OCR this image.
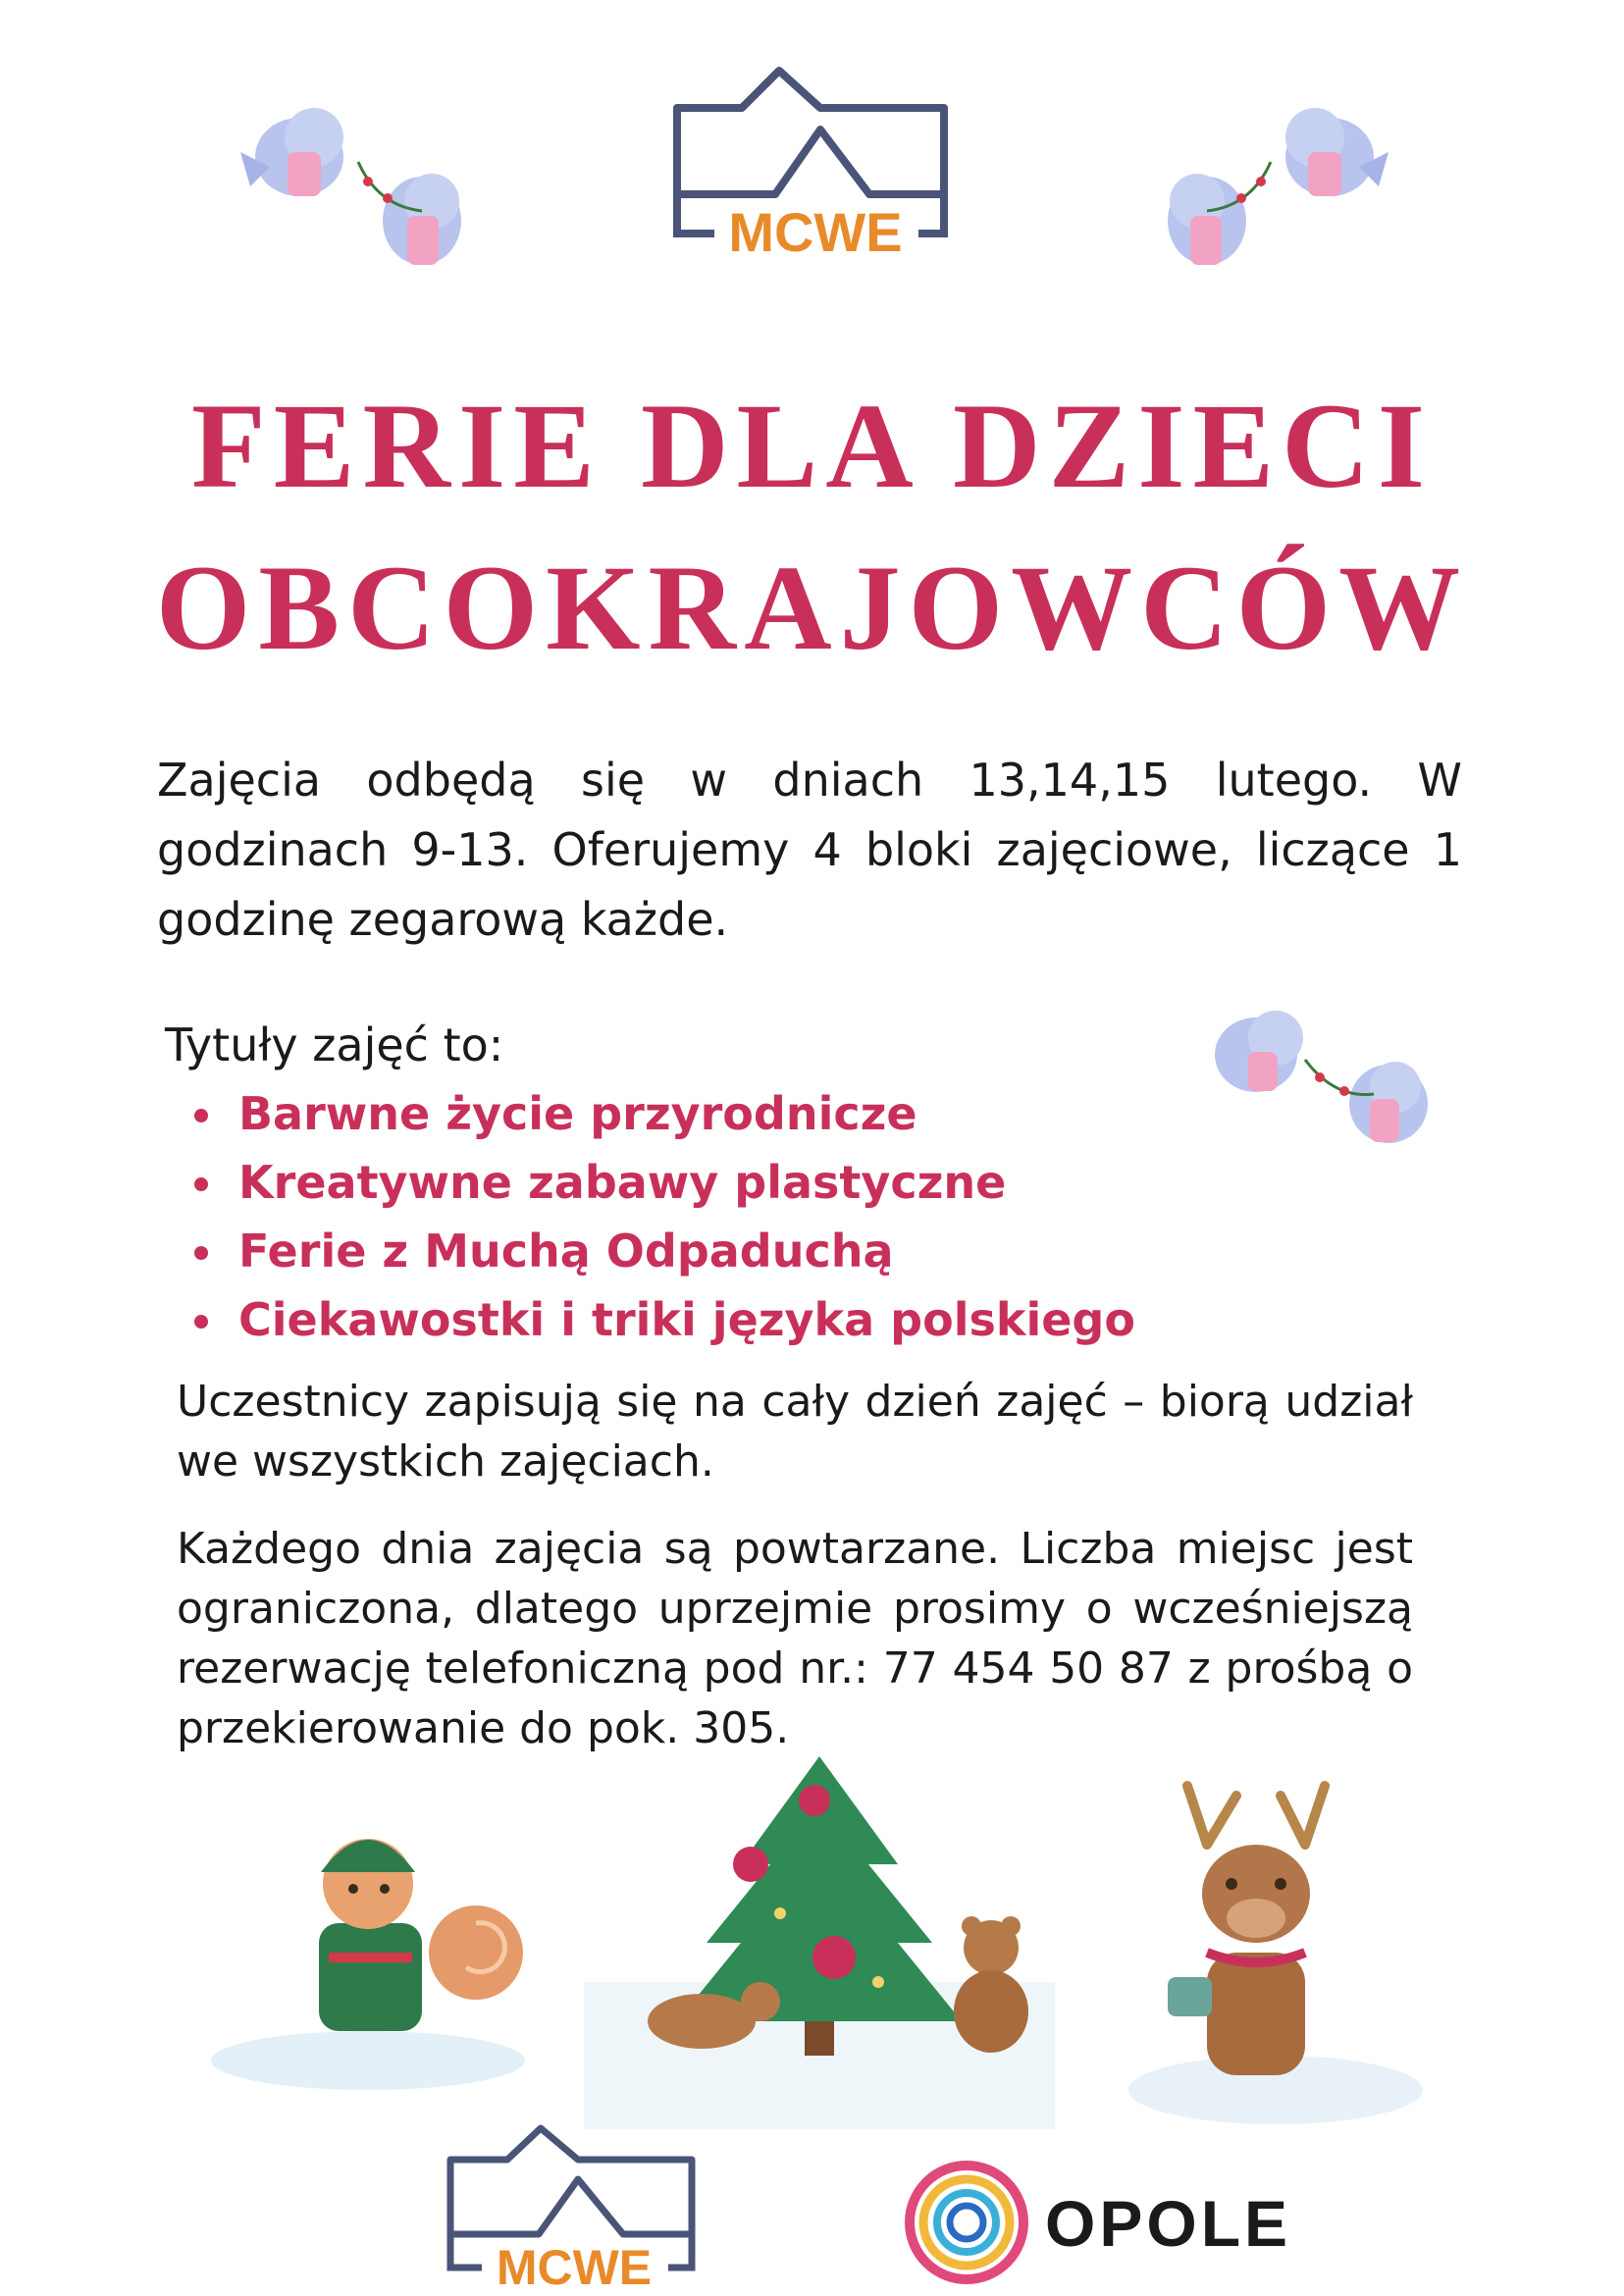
MCWE
FERIE DLA DZIECI
OBCOKRAJOWCÓW
Zajęcia odbędą się w dniach 13,14,15 lutego. W godzinach 9-13. Oferujemy 4 bloki zajęciowe, liczące 1 godzinę zegarową każde.
Tytuły zajęć to:
Barwne życie przyrodnicze
Kreatywne zabawy plastyczne
Ferie z Muchą Odpaduchą
Ciekawostki i triki języka polskiego
Uczestnicy zapisują się na cały dzień zajęć – biorą udział we wszystkich zajęciach.
Każdego dnia zajęcia są powtarzane. Liczba miejsc jest ograniczona, dlatego uprzejmie prosimy o wcześniejszą rezerwację telefoniczną pod nr.: 77 454 50 87 z prośbą o przekierowanie do pok. 305.
MCWE
OPOLE
